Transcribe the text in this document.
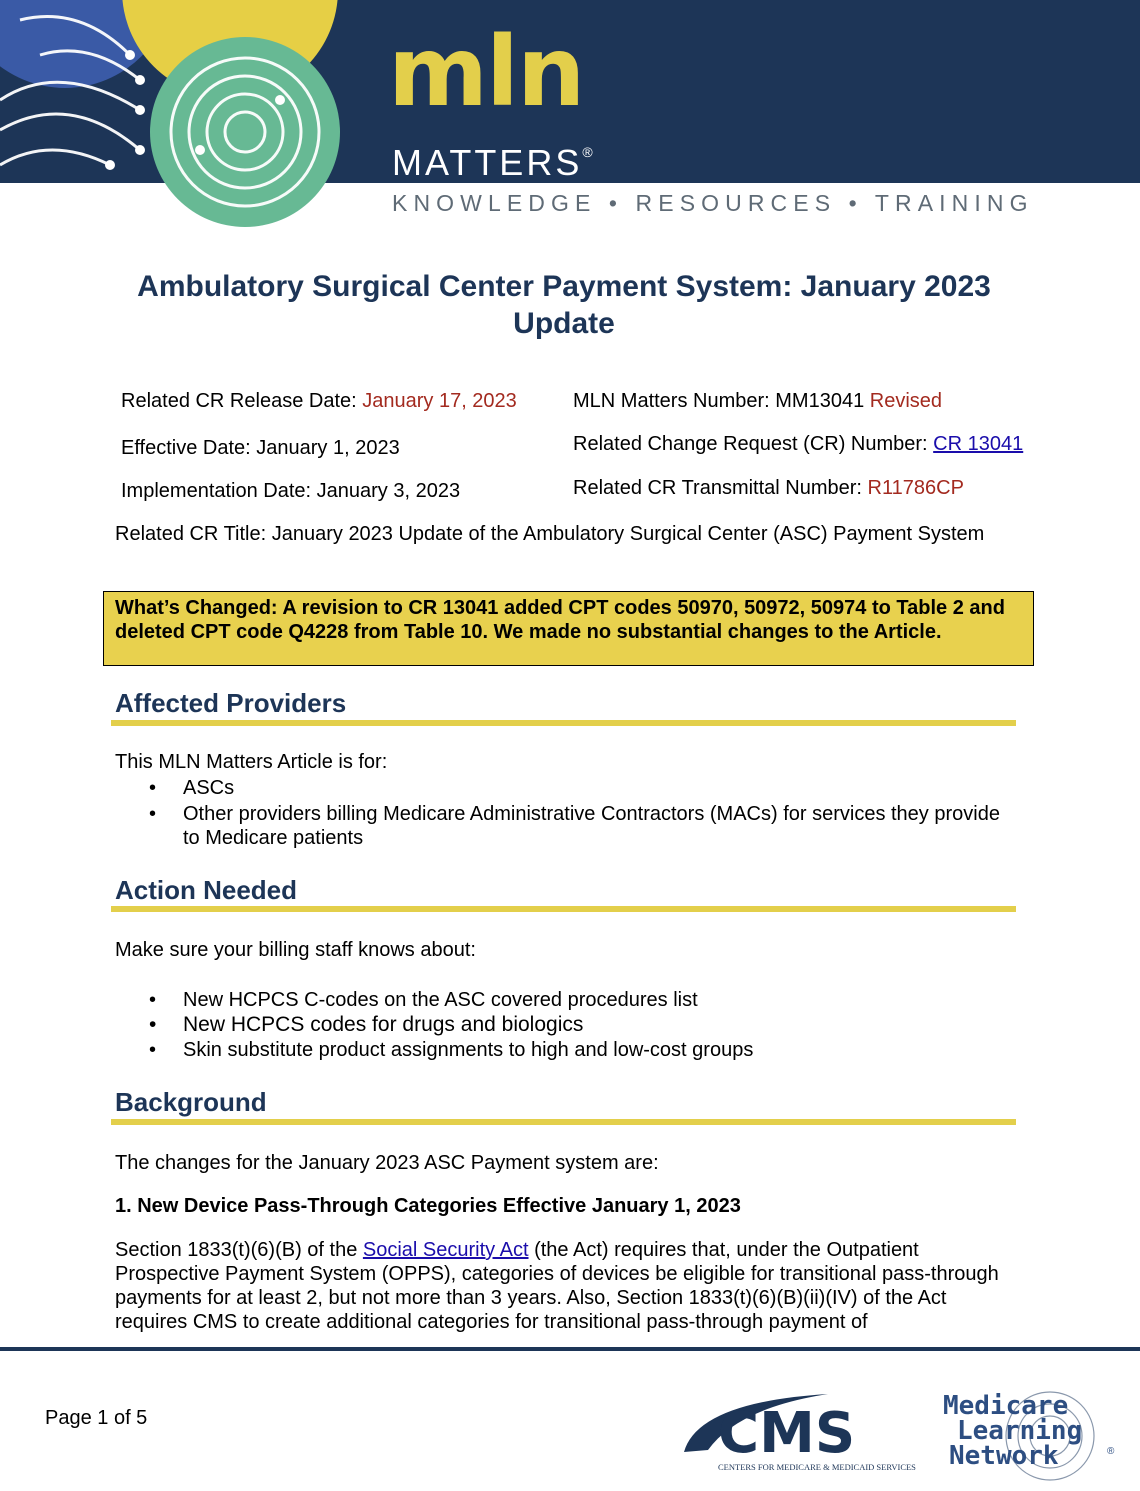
mln

MATTERS®

KNOWLEDGE • RESOURCES • TRAINING

Ambulatory Surgical Center Payment System: January 2023 Update

Related CR Release Date: January 17, 2023	MLN Matters Number: MM13041 Revised

Effective Date: January 1, 2023	Related Change Request (CR) Number: CR 13041

Implementation Date: January 3, 2023	Related CR Transmittal Number: R11786CP

Related CR Title: January 2023 Update of the Ambulatory Surgical Center (ASC) Payment System

What’s Changed: A revision to CR 13041 added CPT codes 50970, 50972, 50974 to Table 2 and deleted CPT code Q4228 from Table 10. We made no substantial changes to the Article.
Affected Providers

This MLN Matters Article is for:

• ASCs
• Other providers billing Medicare Administrative Contractors (MACs) for services they provide to Medicare patients
Action Needed

Make sure your billing staff knows about:

• New HCPCS C-codes on the ASC covered procedures list
• New HCPCS codes for drugs and biologics
• Skin substitute product assignments to high and low-cost groups
Background

The changes for the January 2023 ASC Payment system are:

1. New Device Pass-Through Categories Effective January 1, 2023

Section 1833(t)(6)(B) of the Social Security Act (the Act) requires that, under the Outpatient Prospective Payment System (OPPS), categories of devices be eligible for transitional pass-through payments for at least 2, but not more than 3 years. Also, Section 1833(t)(6)(B)(ii)(IV) of the Act requires CMS to create additional categories for transitional pass-through payment of

Page 1 of 5	CMS
CENTERS FOR MEDICARE & MEDICAID SERVICES
Medicare
Learning
Network	®
